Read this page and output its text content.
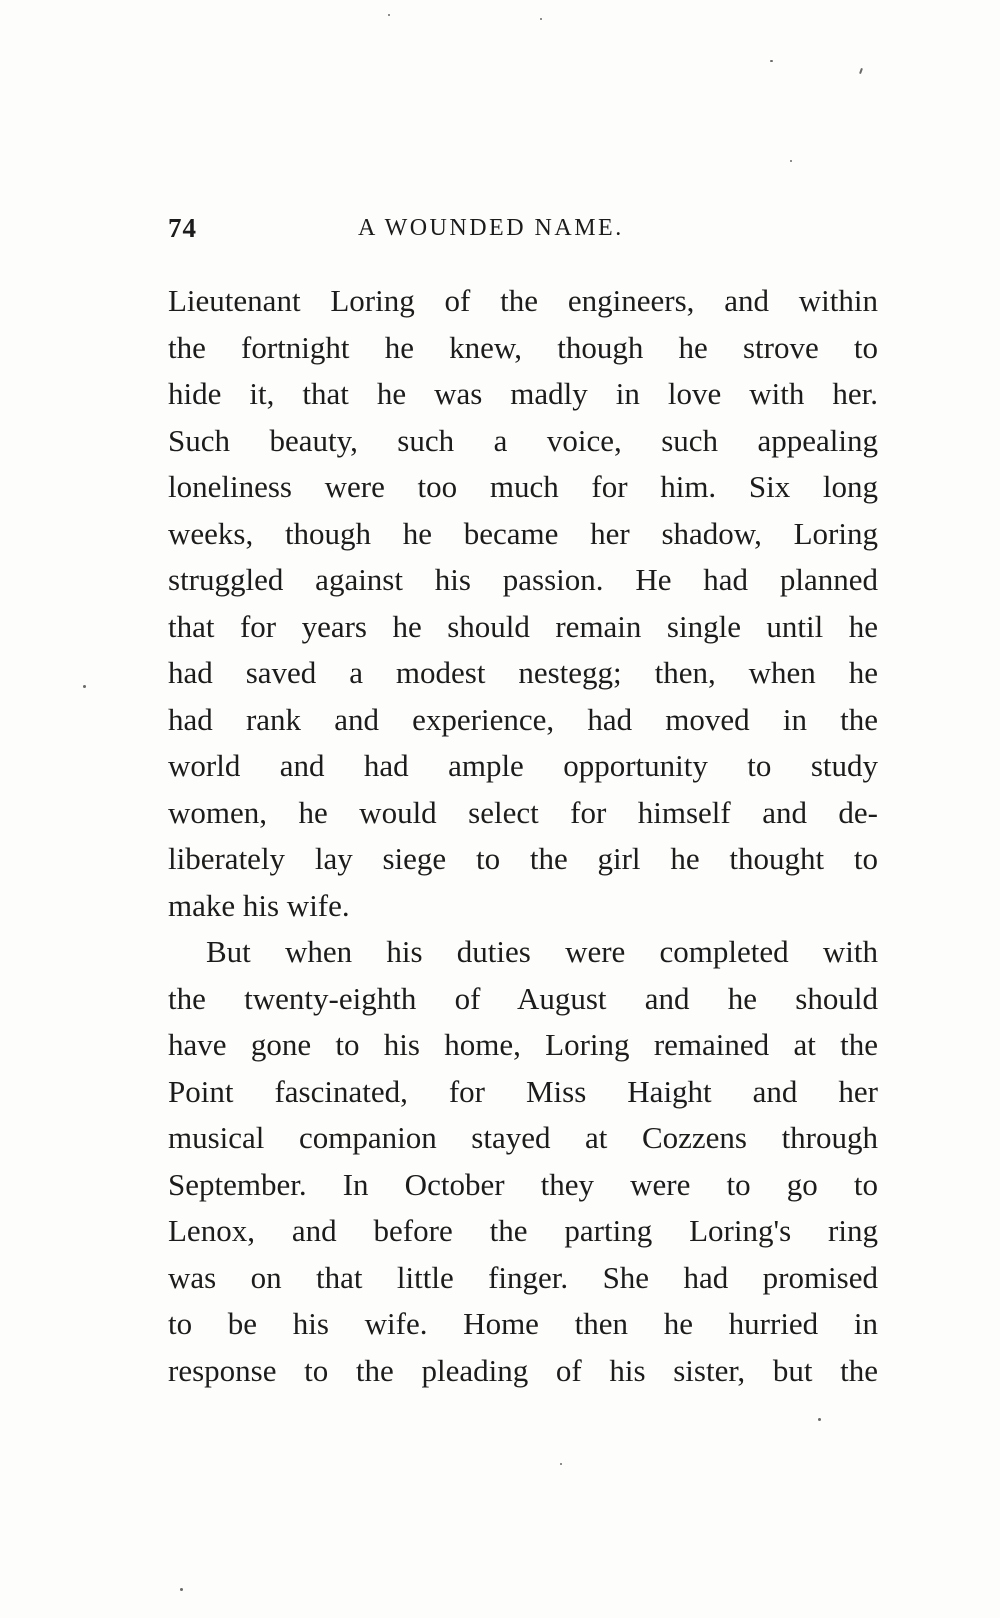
74	A WOUNDED NAME.
Lieutenant Loring of the engineers, and within
the fortnight he knew, though he strove to
hide it, that he was madly in love with her.
Such beauty, such a voice, such appealing
loneliness were too much for him. Six long
weeks, though he became her shadow, Loring
struggled against his passion. He had planned
that for years he should remain single until he
had saved a modest nestegg; then, when he
had rank and experience, had moved in the
world and had ample opportunity to study
women, he would select for himself and de-
liberately lay siege to the girl he thought to
make his wife.
But when his duties were completed with
the twenty-eighth of August and he should
have gone to his home, Loring remained at the
Point fascinated, for Miss Haight and her
musical companion stayed at Cozzens through
September. In October they were to go to
Lenox, and before the parting Loring's ring
was on that little finger. She had promised
to be his wife. Home then he hurried in
response to the pleading of his sister, but the
